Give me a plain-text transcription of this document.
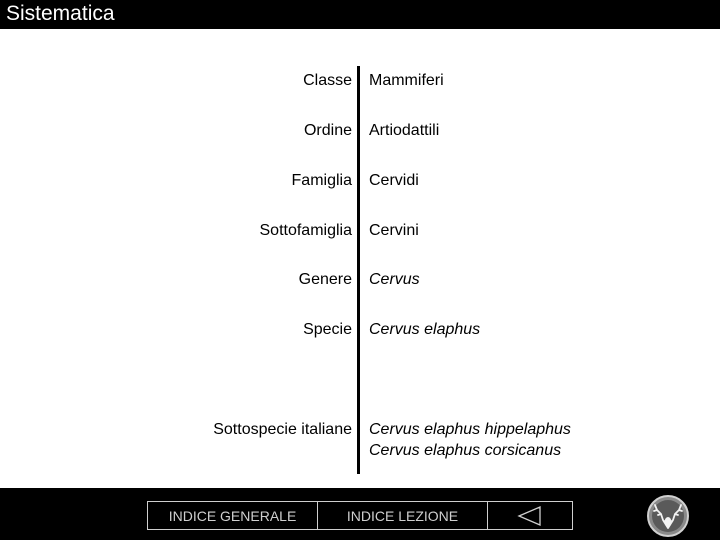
Sistematica
Classe Mammiferi
Ordine Artiodattili
Famiglia Cervidi
Sottofamiglia Cervini
Genere Cervus
Specie Cervus elaphus
Sottospecie italiane Cervus elaphus hippelaphus
Cervus elaphus corsicanus
INDICE GENERALE	INDICE LEZIONE
